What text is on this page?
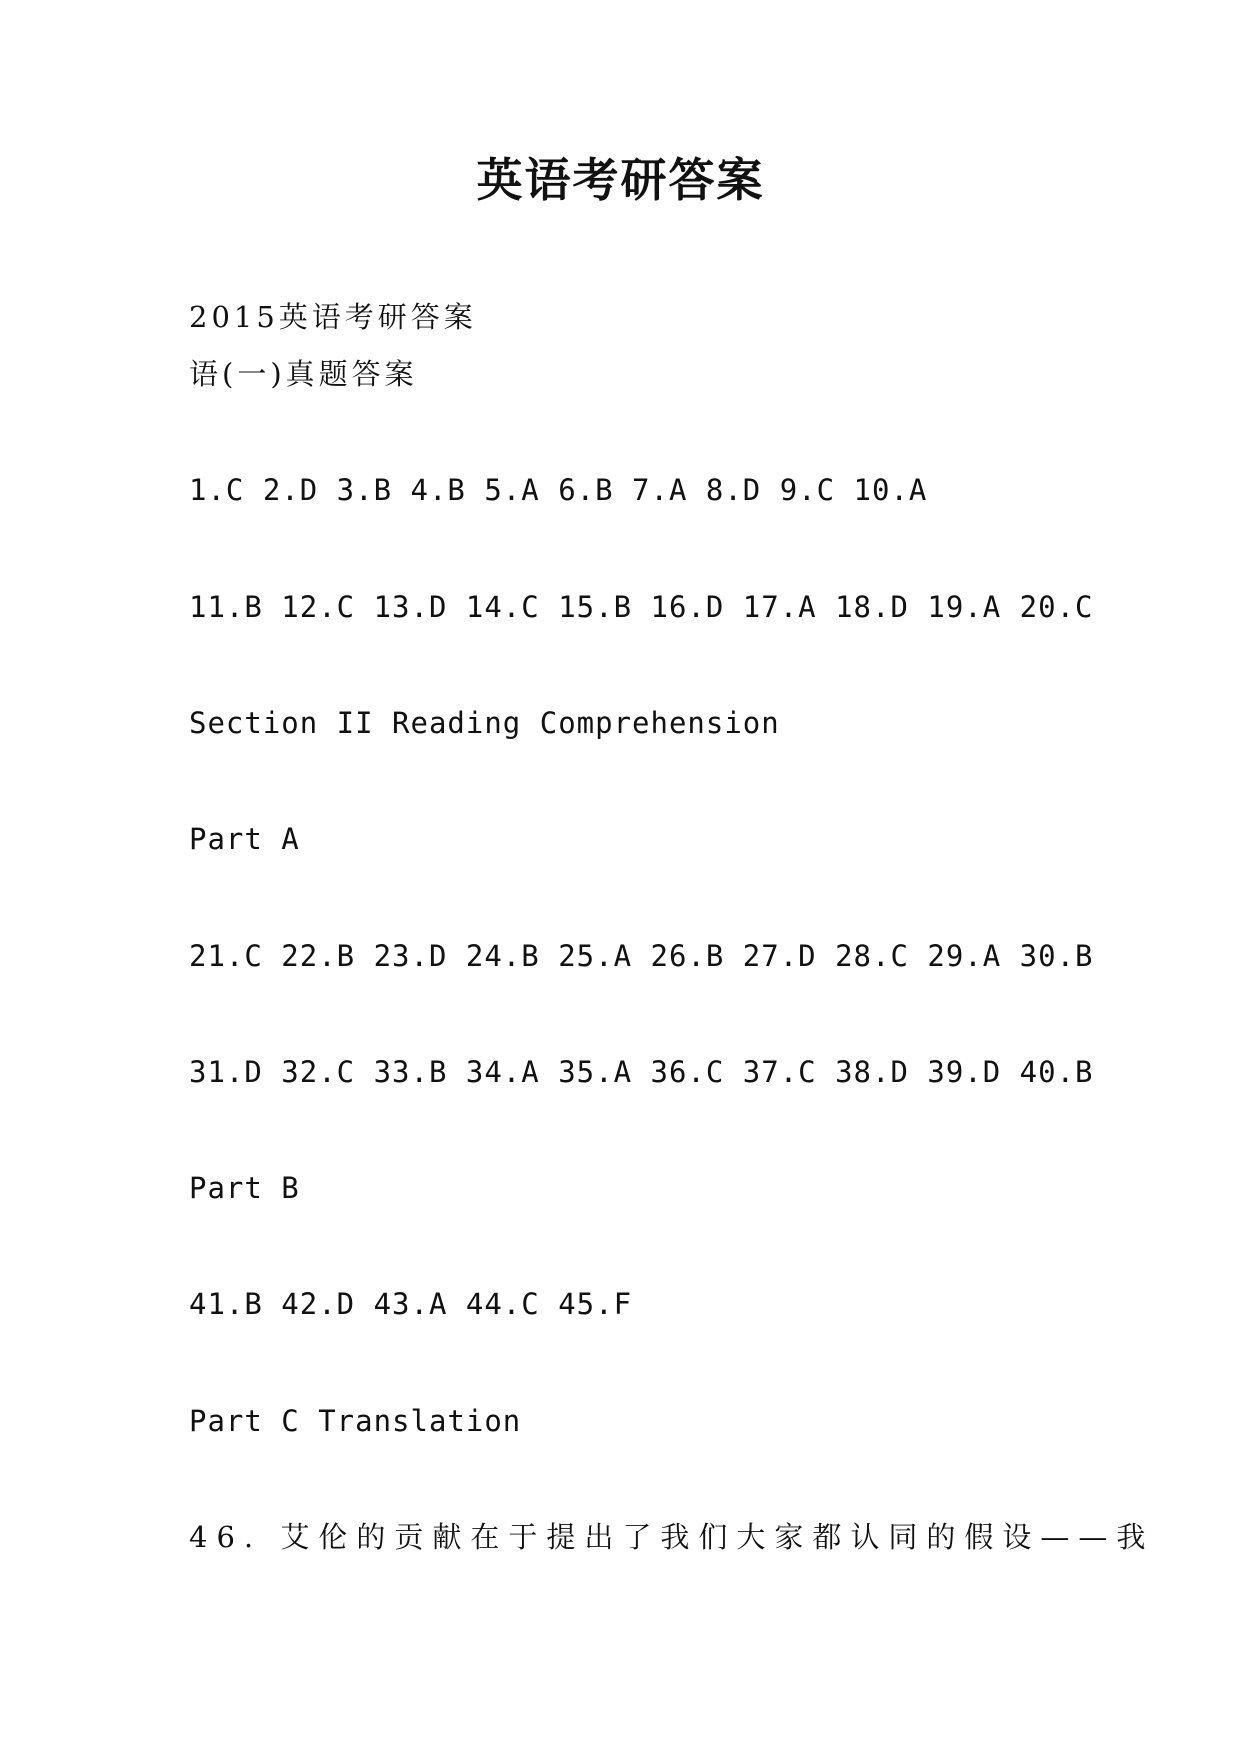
英语考研答案
2015英语考研答案
语(一)真题答案
1.C 2.D 3.B 4.B 5.A 6.B 7.A 8.D 9.C 10.A
11.B 12.C 13.D 14.C 15.B 16.D 17.A 18.D 19.A 20.C
Section II Reading Comprehension
Part A
21.C 22.B 23.D 24.B 25.A 26.B 27.D 28.C 29.A 30.B
31.D 32.C 33.B 34.A 35.A 36.C 37.C 38.D 39.D 40.B
Part B
41.B 42.D 43.A 44.C 45.F
Part C Translation
46. 艾伦的贡献在于提出了我们大家都认同的假设——我
